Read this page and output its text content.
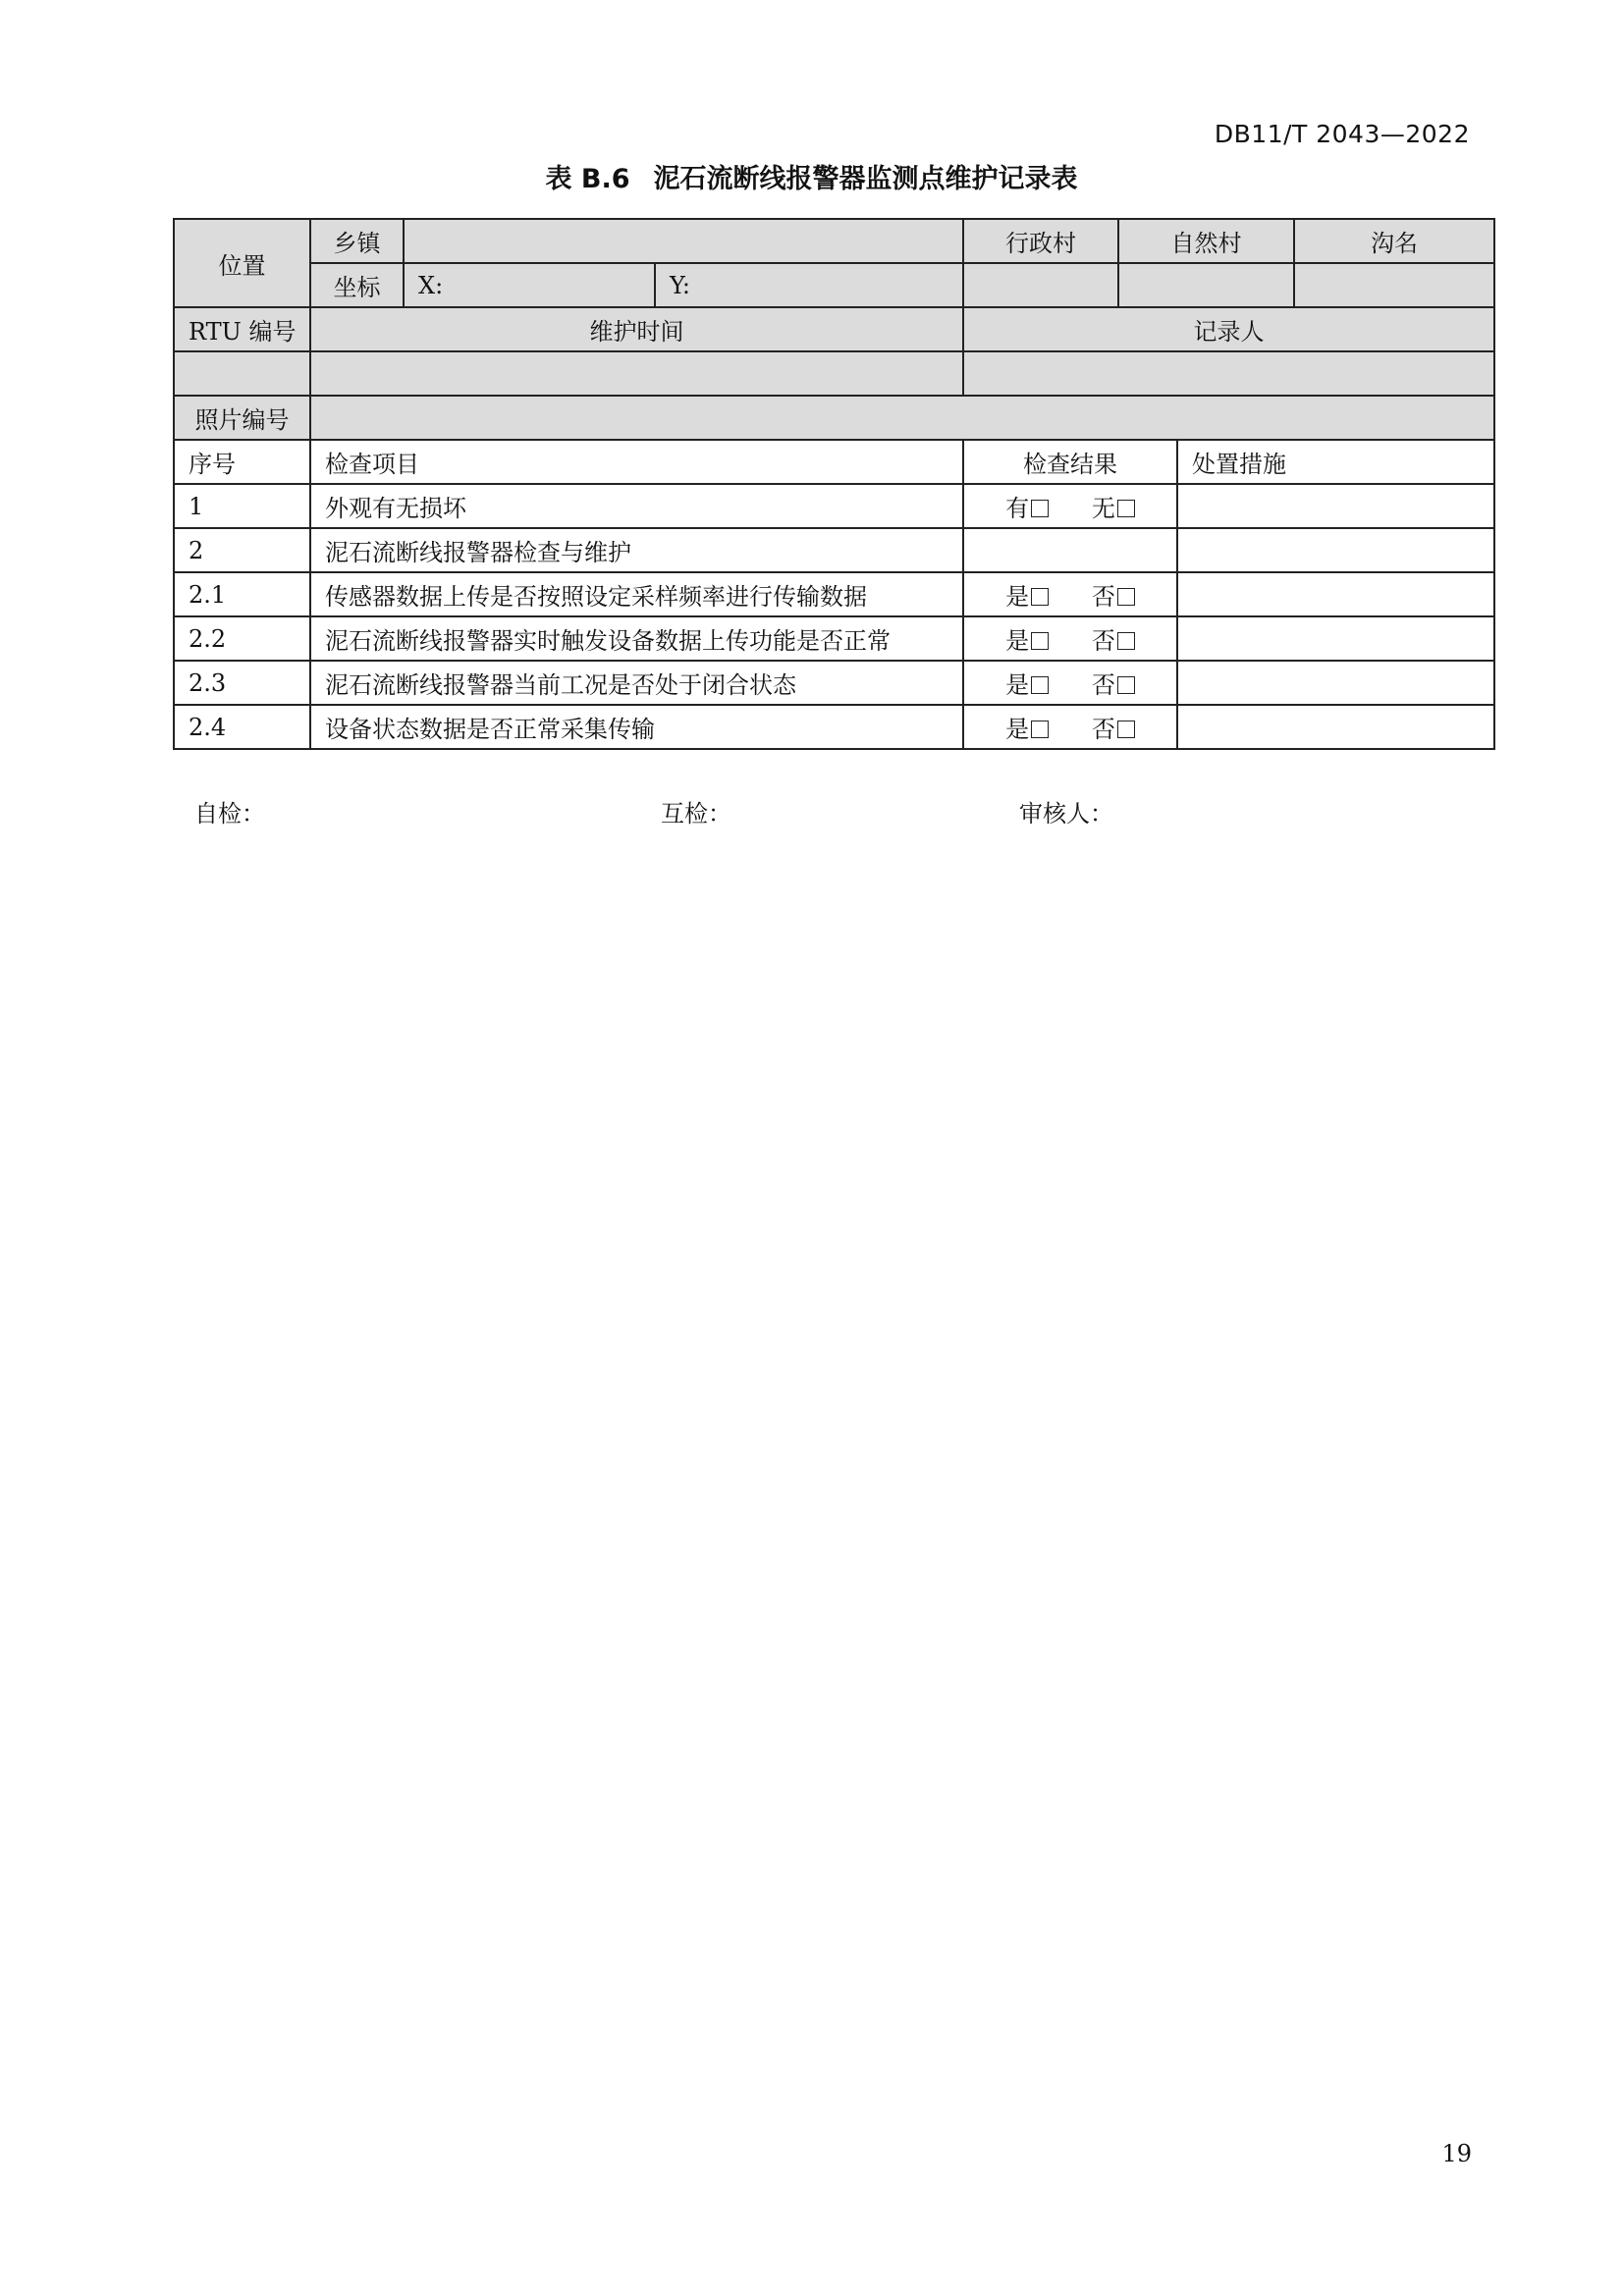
DB11/T 2043—2022
表 B.6 泥石流断线报警器监测点维护记录表
位置	乡镇			行政村	自然村		沟名
	坐标	X:	Y:				
RTU 编号	维护时间			记录人			

照片编号							
序号	检查项目			检查结果		处置措施	
1	外观有无损坏			有 无			
2	泥石流断线报警器检查与维护						
2.1	传感器数据上传是否按照设定采样频率进行传输数据			是 否			
2.2	泥石流断线报警器实时触发设备数据上传功能是否正常			是 否			
2.3	泥石流断线报警器当前工况是否处于闭合状态			是 否			
2.4	设备状态数据是否正常采集传输			是 否			
自检：	互检：	审核人：
19
